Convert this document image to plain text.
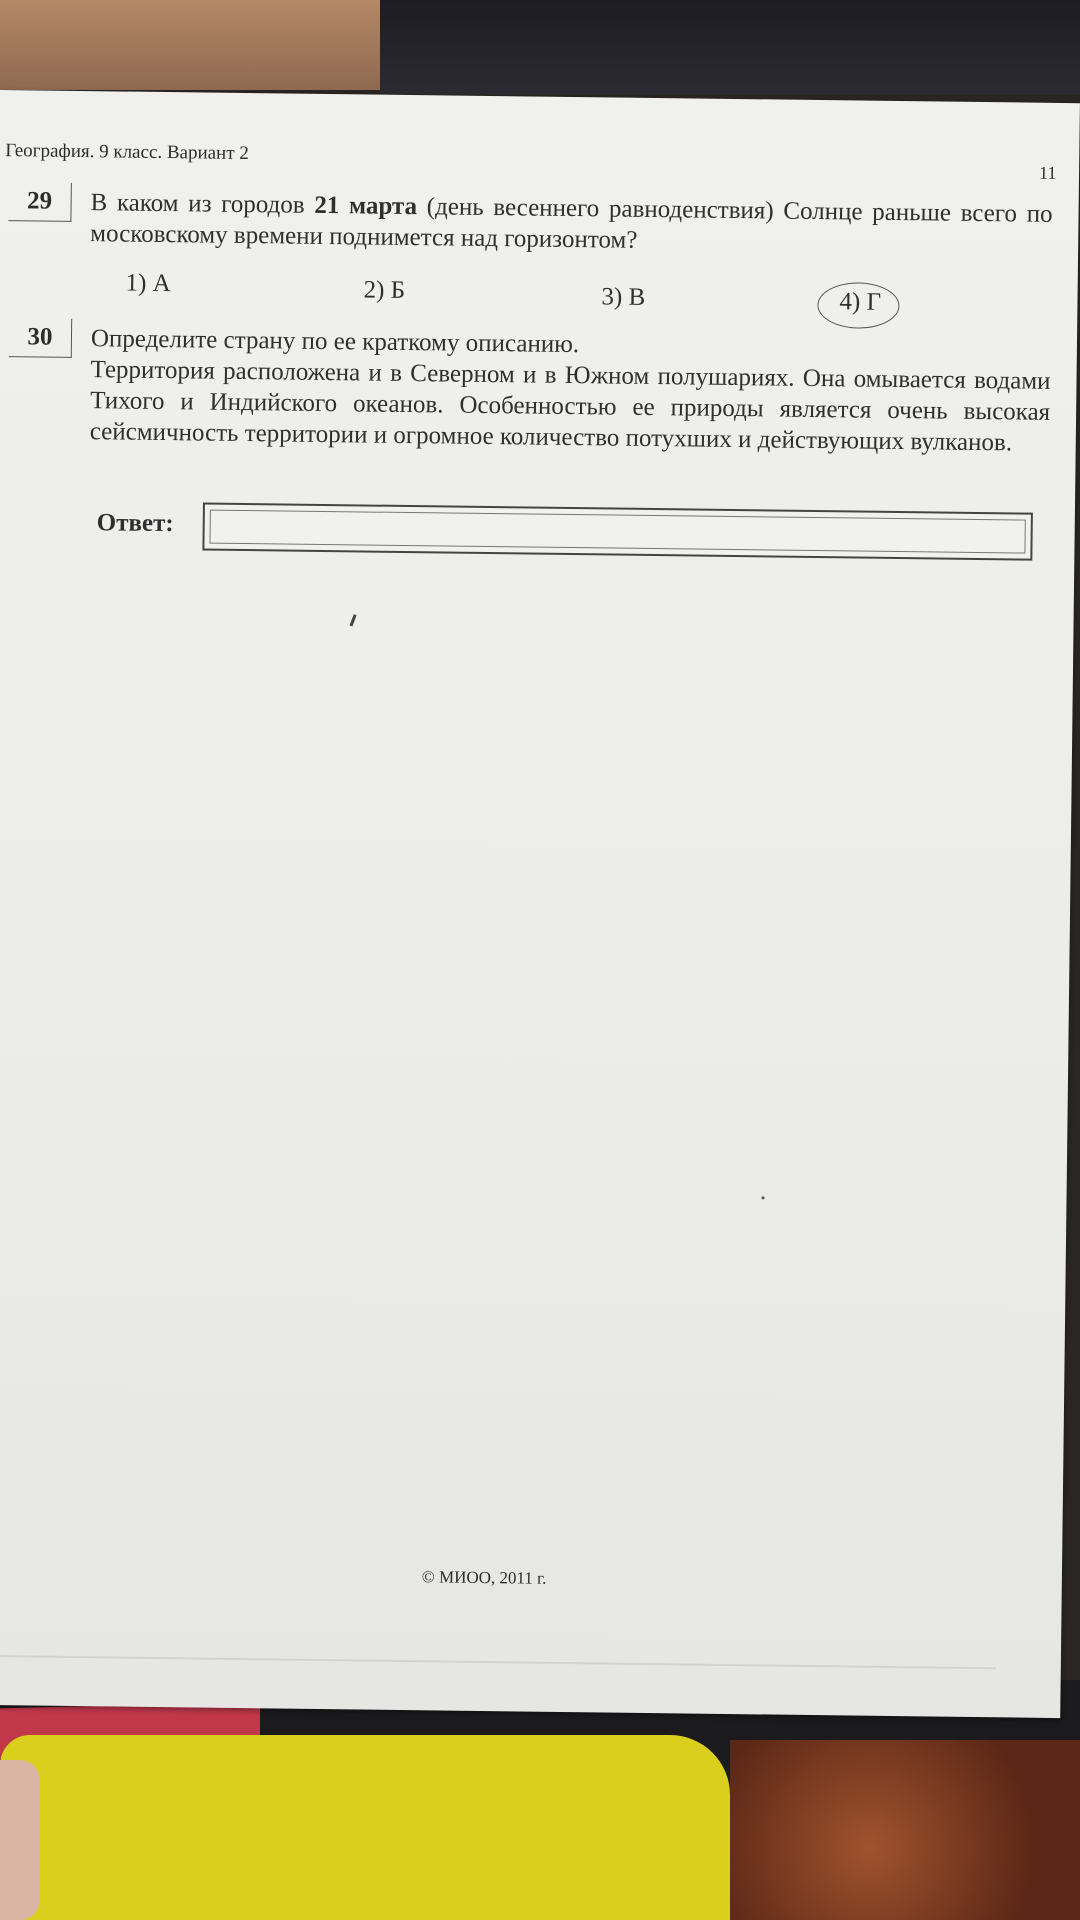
География. 9 класс. Вариант 2
11
29	В каком из городов 21 марта (день весеннего равноденствия) Солнце раньше всего по московскому времени поднимется над горизонтом?
1) А	2) Б	3) В	4) Г
30	Определите страну по ее краткому описанию.
Территория расположена и в Северном и в Южном полушариях. Она омывается водами Тихого и Индийского океанов. Особенностью ее природы является очень высокая сейсмичность территории и огромное количество потухших и действующих вулканов.
Ответ:
© МИОО, 2011 г.
